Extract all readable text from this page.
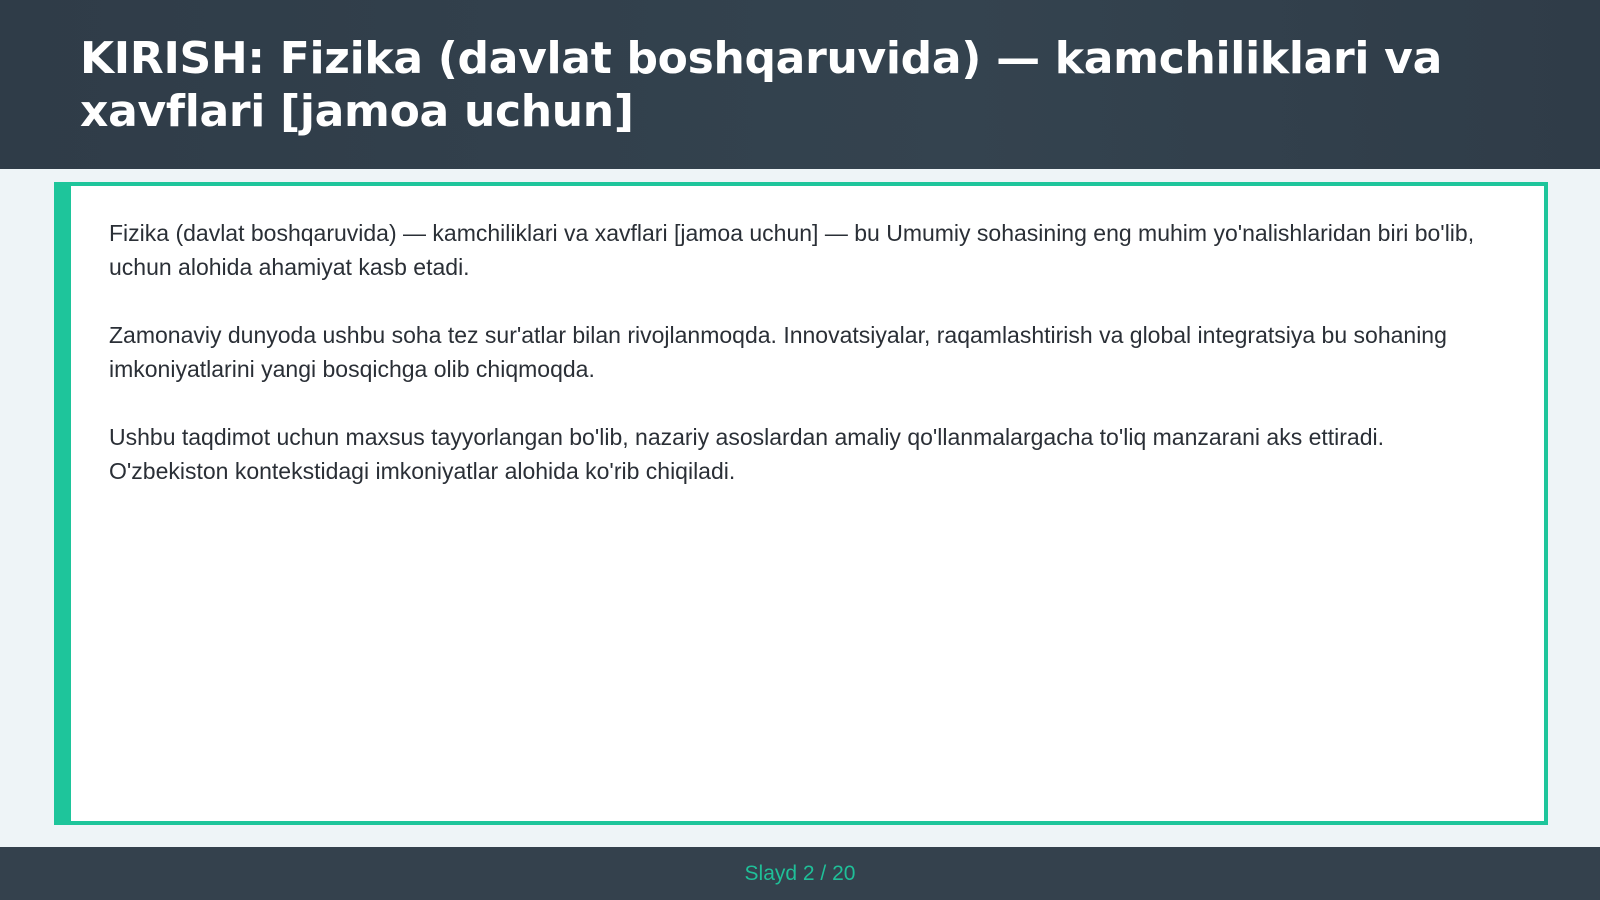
KIRISH: Fizika (davlat boshqaruvida) — kamchiliklari va xavflari [jamoa uchun]

Fizika (davlat boshqaruvida) — kamchiliklari va xavflari [jamoa uchun] — bu Umumiy sohasining eng muhim yo'nalishlaridan biri bo'lib, uchun alohida ahamiyat kasb etadi.

Zamonaviy dunyoda ushbu soha tez sur'atlar bilan rivojlanmoqda. Innovatsiyalar, raqamlashtirish va global integratsiya bu sohaning imkoniyatlarini yangi bosqichga olib chiqmoqda.

Ushbu taqdimot uchun maxsus tayyorlangan bo'lib, nazariy asoslardan amaliy qo'llanmalargacha to'liq manzarani aks ettiradi. O'zbekiston kontekstidagi imkoniyatlar alohida ko'rib chiqiladi.

Slayd 2 / 20
